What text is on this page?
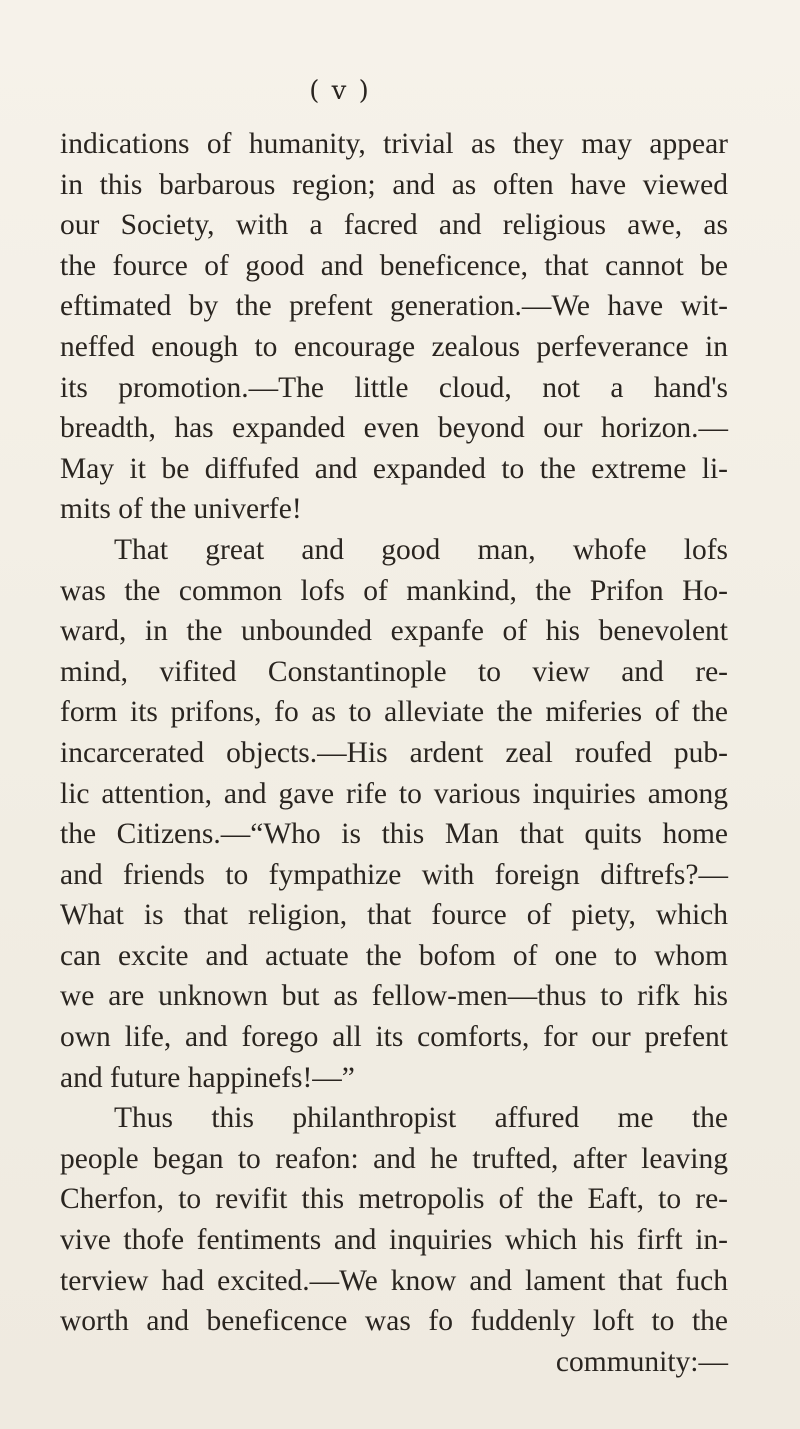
( v )
indications of humanity, trivial as they may appear
in this barbarous region; and as often have viewed
our Society, with a facred and religious awe, as
the fource of good and beneficence, that cannot be
eftimated by the prefent generation.—We have wit-
neffed enough to encourage zealous perfeverance in
its promotion.—The little cloud, not a hand's
breadth, has expanded even beyond our horizon.—
May it be diffufed and expanded to the extreme li-
mits of the univerfe!
That great and good man, whofe lofs
was the common lofs of mankind, the Prifon Ho-
ward, in the unbounded expanfe of his benevolent
mind, vifited Constantinople to view and re-
form its prifons, fo as to alleviate the miferies of the
incarcerated objects.—His ardent zeal roufed pub-
lic attention, and gave rife to various inquiries among
the Citizens.—“Who is this Man that quits home
and friends to fympathize with foreign diftrefs?—
What is that religion, that fource of piety, which
can excite and actuate the bofom of one to whom
we are unknown but as fellow-men—thus to rifk his
own life, and forego all its comforts, for our prefent
and future happinefs!—”
Thus this philanthropist affured me the
people began to reafon: and he trufted, after leaving
Cherfon, to revifit this metropolis of the Eaft, to re-
vive thofe fentiments and inquiries which his firft in-
terview had excited.—We know and lament that fuch
worth and beneficence was fo fuddenly loft to the
community:—
